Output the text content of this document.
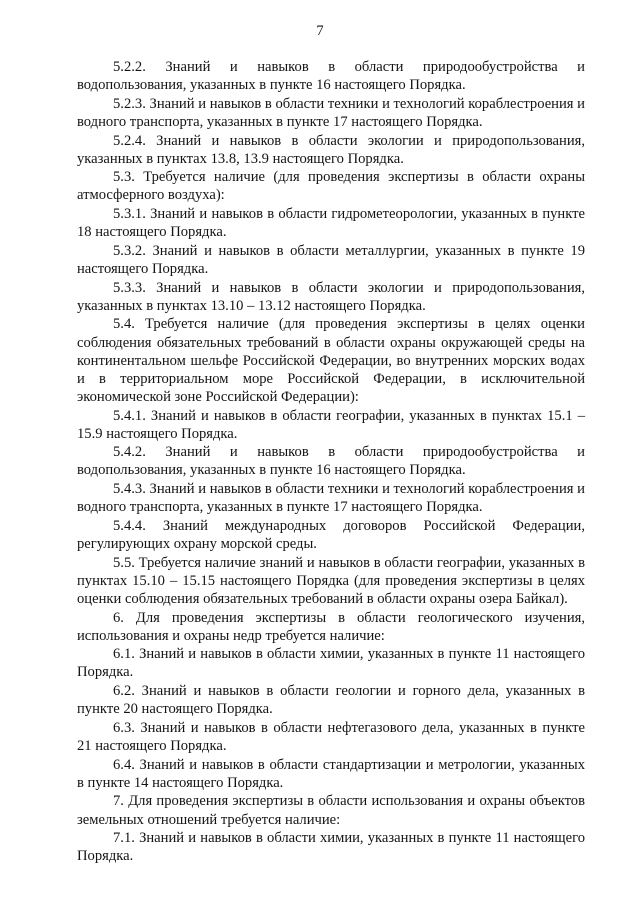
7

5.2.2. Знаний и навыков в области природообустройства и водопользования, указанных в пункте 16 настоящего Порядка.

5.2.3. Знаний и навыков в области техники и технологий кораблестроения и водного транспорта, указанных в пункте 17 настоящего Порядка.

5.2.4. Знаний и навыков в области экологии и природопользования, указанных в пунктах 13.8, 13.9 настоящего Порядка.

5.3. Требуется наличие (для проведения экспертизы в области охраны атмосферного воздуха):

5.3.1. Знаний и навыков в области гидрометеорологии, указанных в пункте 18 настоящего Порядка.

5.3.2. Знаний и навыков в области металлургии, указанных в пункте 19 настоящего Порядка.

5.3.3. Знаний и навыков в области экологии и природопользования, указанных в пунктах 13.10 – 13.12 настоящего Порядка.

5.4. Требуется наличие (для проведения экспертизы в целях оценки соблюдения обязательных требований в области охраны окружающей среды на континентальном шельфе Российской Федерации, во внутренних морских водах и в территориальном море Российской Федерации, в исключительной экономической зоне Российской Федерации):

5.4.1. Знаний и навыков в области географии, указанных в пунктах 15.1 – 15.9 настоящего Порядка.

5.4.2. Знаний и навыков в области природообустройства и водопользования, указанных в пункте 16 настоящего Порядка.

5.4.3. Знаний и навыков в области техники и технологий кораблестроения и водного транспорта, указанных в пункте 17 настоящего Порядка.

5.4.4. Знаний международных договоров Российской Федерации, регулирующих охрану морской среды.

5.5. Требуется наличие знаний и навыков в области географии, указанных в пунктах 15.10 – 15.15 настоящего Порядка (для проведения экспертизы в целях оценки соблюдения обязательных требований в области охраны озера Байкал).

6. Для проведения экспертизы в области геологического изучения, использования и охраны недр требуется наличие:

6.1. Знаний и навыков в области химии, указанных в пункте 11 настоящего Порядка.

6.2. Знаний и навыков в области геологии и горного дела, указанных в пункте 20 настоящего Порядка.

6.3. Знаний и навыков в области нефтегазового дела, указанных в пункте 21 настоящего Порядка.

6.4. Знаний и навыков в области стандартизации и метрологии, указанных в пункте 14 настоящего Порядка.

7. Для проведения экспертизы в области использования и охраны объектов земельных отношений требуется наличие:

7.1. Знаний и навыков в области химии, указанных в пункте 11 настоящего Порядка.
